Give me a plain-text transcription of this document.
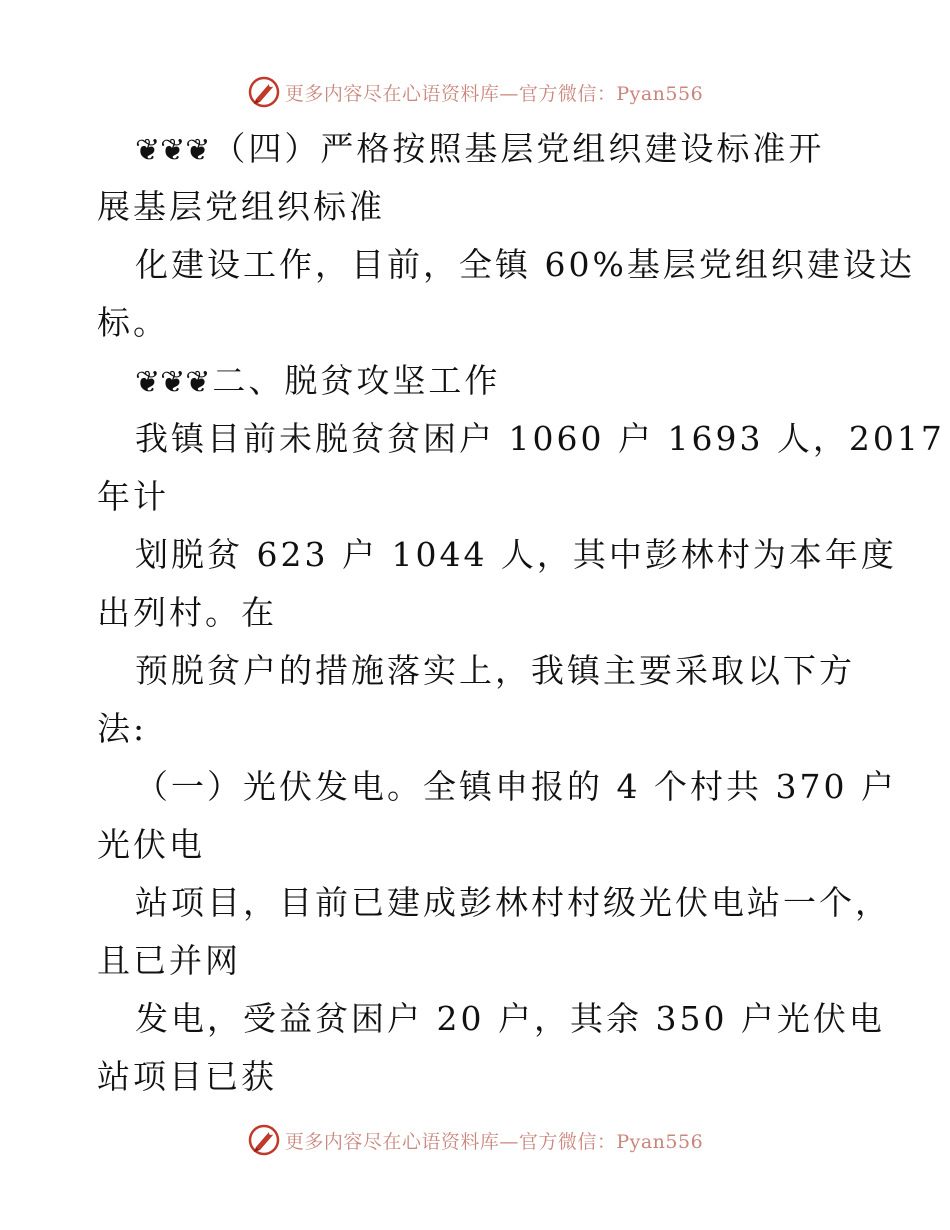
更多内容尽在心语资料库—官方微信：Pyan556
❦❦❦（四）严格按照基层党组织建设标准开
展基层党组织标准
化建设工作，目前，全镇 60%基层党组织建设达
标。
❦❦❦二、脱贫攻坚工作
我镇目前未脱贫贫困户 1060 户 1693 人，2017
年计
划脱贫 623 户 1044 人，其中彭林村为本年度
出列村。在
预脱贫户的措施落实上，我镇主要采取以下方
法:
（一）光伏发电。全镇申报的 4 个村共 370 户
光伏电
站项目，目前已建成彭林村村级光伏电站一个，
且已并网
发电，受益贫困户 20 户，其余 350 户光伏电
站项目已获
更多内容尽在心语资料库—官方微信：Pyan556
